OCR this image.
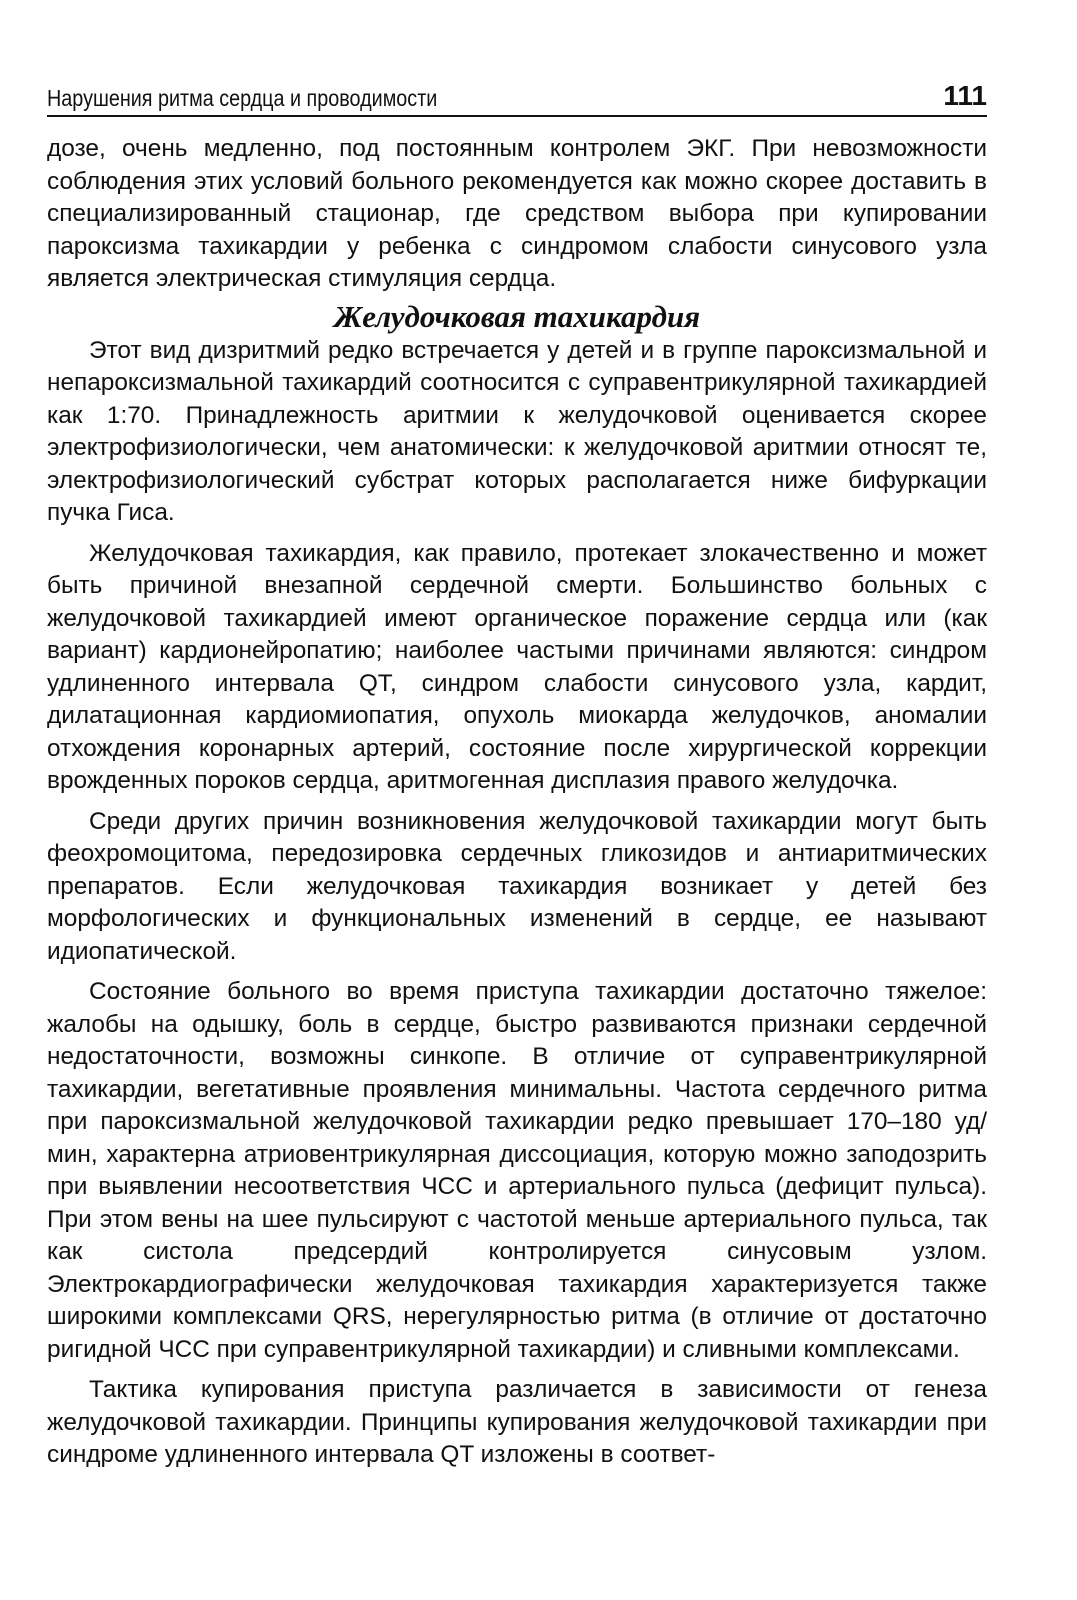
Нарушения ритма сердца и проводимости	111

дозе, очень медленно, под постоянным контролем ЭКГ. При невозможности соблюдения этих условий больного рекомендуется как можно скорее доставить в специализированный стационар, где средством выбора при купировании пароксизма тахикардии у ребенка с синдромом слабости синусового узла является электрическая стимуляция сердца.

Желудочковая тахикардия

Этот вид дизритмий редко встречается у детей и в группе пароксизмальной и непароксизмальной тахикардий соотносится с суправентрикулярной тахикардией как 1:70. Принадлежность аритмии к желудочковой оценивается скорее электрофизиологически, чем анатомически: к желудочковой аритмии относят те, электрофизиологический субстрат которых располагается ниже бифуркации пучка Гиса.

Желудочковая тахикардия, как правило, протекает злокачественно и может быть причиной внезапной сердечной смерти. Большинство больных с желудочковой тахикардией имеют органическое поражение сердца или (как вариант) кардионейропатию; наиболее частыми причинами являются: синдром удлиненного интервала QT, синдром слабости синусового узла, кардит, дилатационная кардиомиопатия, опухоль миокарда желудочков, аномалии отхождения коронарных артерий, состояние после хирургической коррекции врожденных пороков сердца, аритмогенная дисплазия правого желудочка.

Среди других причин возникновения желудочковой тахикардии могут быть феохромоцитома, передозировка сердечных гликозидов и антиаритмических препаратов. Если желудочковая тахикардия возникает у детей без морфологических и функциональных изменений в сердце, ее называют идиопатической.

Состояние больного во время приступа тахикардии достаточно тяжелое: жалобы на одышку, боль в сердце, быстро развиваются признаки сердечной недостаточности, возможны синкопе. В отличие от суправентрикулярной тахикардии, вегетативные проявления минимальны. Частота сердечного ритма при пароксизмальной желудочковой тахикардии редко превышает 170–180 уд/мин, характерна атриовентрикулярная диссоциация, которую можно заподозрить при выявлении несоответствия ЧСС и артериального пульса (дефицит пульса). При этом вены на шее пульсируют с частотой меньше артериального пульса, так как систола предсердий контролируется синусовым узлом. Электрокардиографически желудочковая тахикардия характеризуется также широкими комплексами QRS, нерегулярностью ритма (в отличие от достаточно ригидной ЧСС при суправентрикулярной тахикардии) и сливными комплексами.

Тактика купирования приступа различается в зависимости от генеза желудочковой тахикардии. Принципы купирования желудочковой тахикардии при синдроме удлиненного интервала QT изложены в соответ-
